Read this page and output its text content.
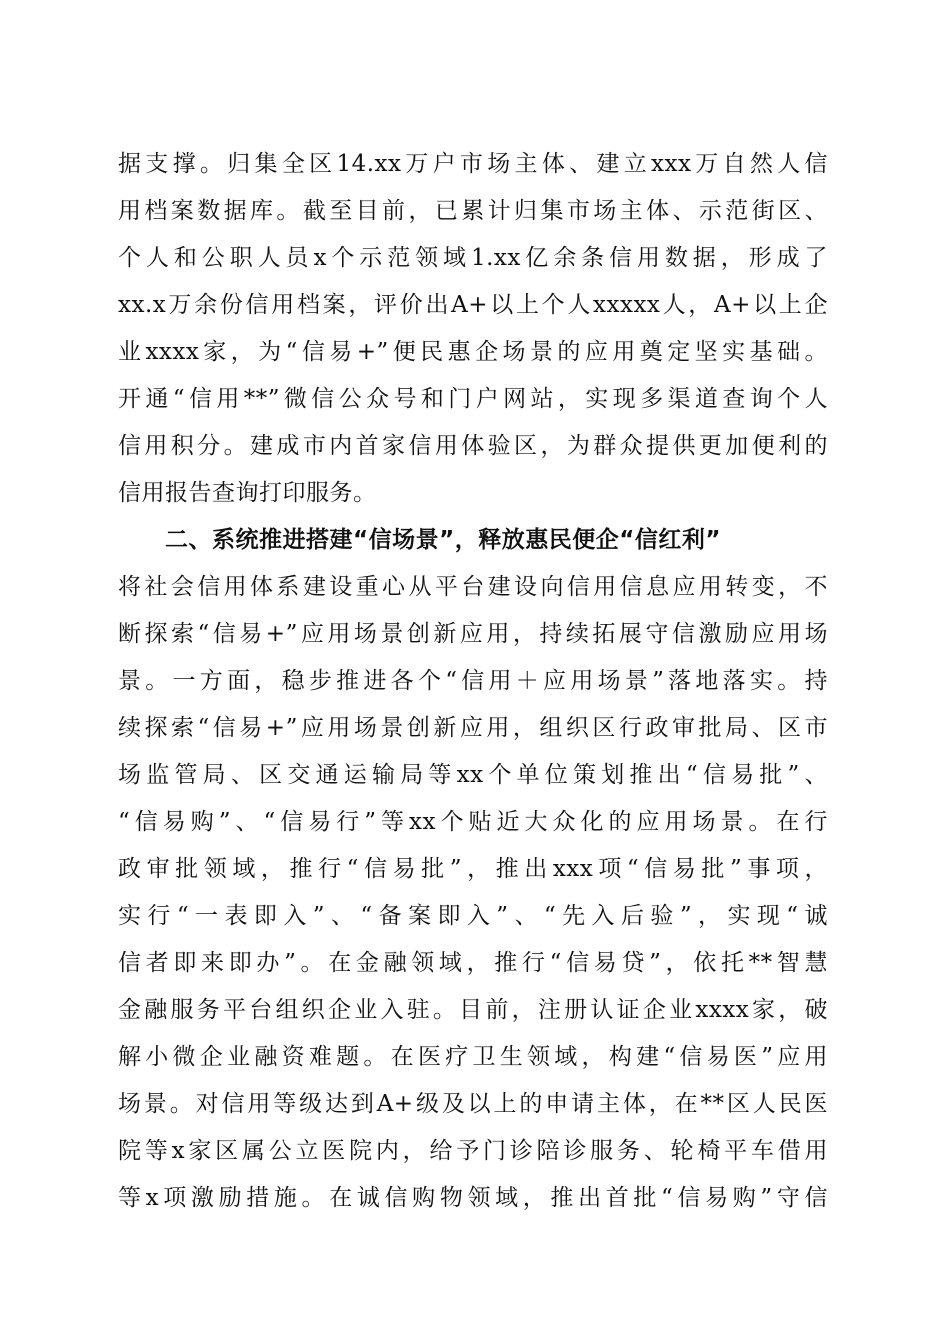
据支撑。归集全区14.xx万户市场主体、建立xxx万自然人信
用档案数据库。截至目前，已累计归集市场主体、示范街区、
个人和公职人员x个示范领域1.xx亿余条信用数据，形成了
xx.x万余份信用档案，评价出A+以上个人xxxxx人，A+以上企
业xxxx家，为“信易+”便民惠企场景的应用奠定坚实基础。
开通“信用**”微信公众号和门户网站，实现多渠道查询个人
信用积分。建成市内首家信用体验区，为群众提供更加便利的
信用报告查询打印服务。
二、系统推进搭建“信场景”，释放惠民便企“信红利”
将社会信用体系建设重心从平台建设向信用信息应用转变，不
断探索“信易+”应用场景创新应用，持续拓展守信激励应用场
景。一方面，稳步推进各个“信用＋应用场景”落地落实。持
续探索“信易+”应用场景创新应用，组织区行政审批局、区市
场监管局、区交通运输局等xx个单位策划推出“信易批”、
“信易购”、“信易行”等xx个贴近大众化的应用场景。在行
政审批领域，推行“信易批”，推出xxx项“信易批”事项，
实行“一表即入”、“备案即入”、“先入后验”，实现“诚
信者即来即办”。在金融领域，推行“信易贷”，依托**智慧
金融服务平台组织企业入驻。目前，注册认证企业xxxx家，破
解小微企业融资难题。在医疗卫生领域，构建“信易医”应用
场景。对信用等级达到A+级及以上的申请主体，在**区人民医
院等x家区属公立医院内，给予门诊陪诊服务、轮椅平车借用
等x项激励措施。在诚信购物领域，推出首批“信易购”守信
